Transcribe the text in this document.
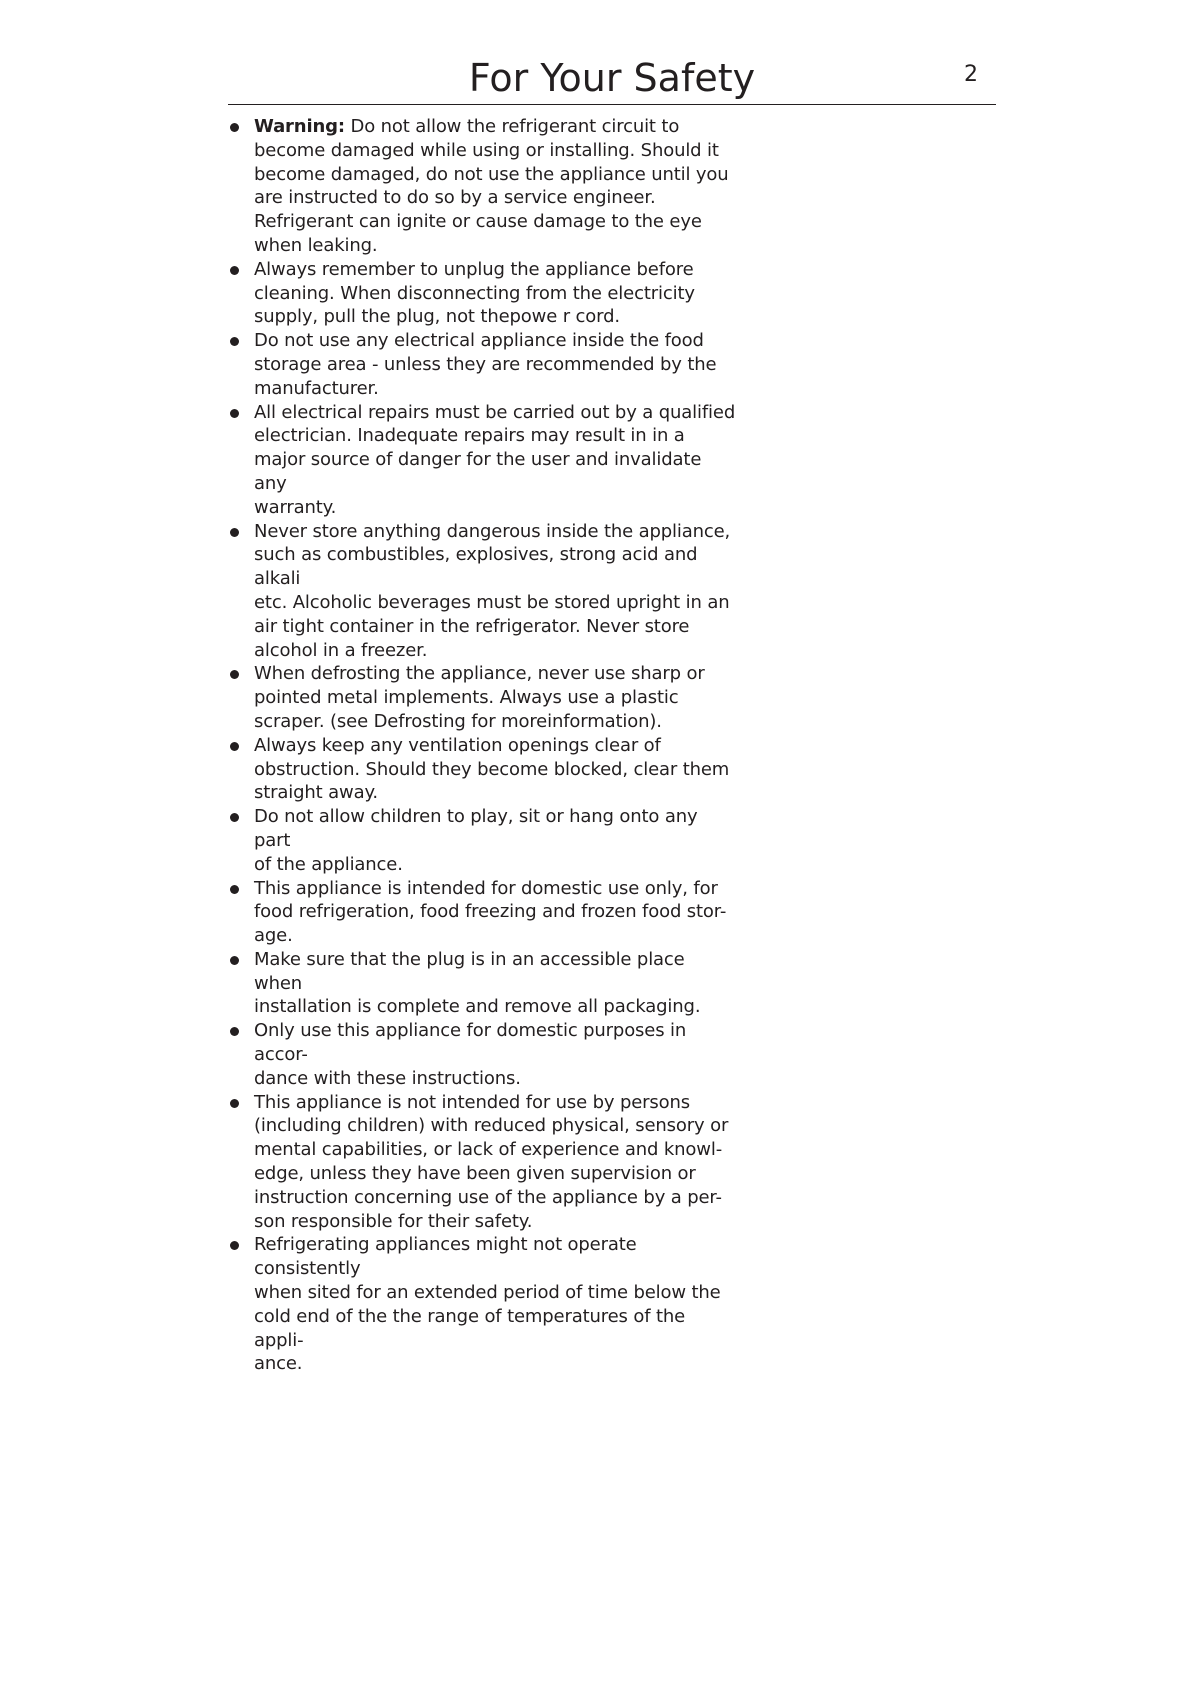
For Your Safety	2
Warning: Do not allow the refrigerant circuit to
become damaged while using or installing. Should it
become damaged, do not use the appliance until you
are instructed to do so by a service engineer.
Refrigerant can ignite or cause damage to the eye
when leaking.
Always remember to unplug the appliance before
cleaning. When disconnecting from the electricity
supply, pull the plug, not thepowe r cord.
Do not use any electrical appliance inside the food
storage area - unless they are recommended by the
manufacturer.
All electrical repairs must be carried out by a qualified
electrician. Inadequate repairs may result in in a
major source of danger for the user and invalidate any
warranty.
Never store anything dangerous inside the appliance,
such as combustibles, explosives, strong acid and alkali
etc. Alcoholic beverages must be stored upright in an
air tight container in the refrigerator. Never store
alcohol in a freezer.
When defrosting the appliance, never use sharp or
pointed metal implements. Always use a plastic
scraper. (see Defrosting for moreinformation).
Always keep any ventilation openings clear of
obstruction. Should they become blocked, clear them
straight away.
Do not allow children to play, sit or hang onto any part
of the appliance.
This appliance is intended for domestic use only, for
food refrigeration, food freezing and frozen food stor-
age.
Make sure that the plug is in an accessible place when
installation is complete and remove all packaging.
Only use this appliance for domestic purposes in accor-
dance with these instructions.
This appliance is not intended for use by persons
(including children) with reduced physical, sensory or
mental capabilities, or lack of experience and knowl-
edge, unless they have been given supervision or
instruction concerning use of the appliance by a per-
son responsible for their safety.
Refrigerating appliances might not operate consistently
when sited for an extended period of time below the
cold end of the the range of temperatures of the appli-
ance.
